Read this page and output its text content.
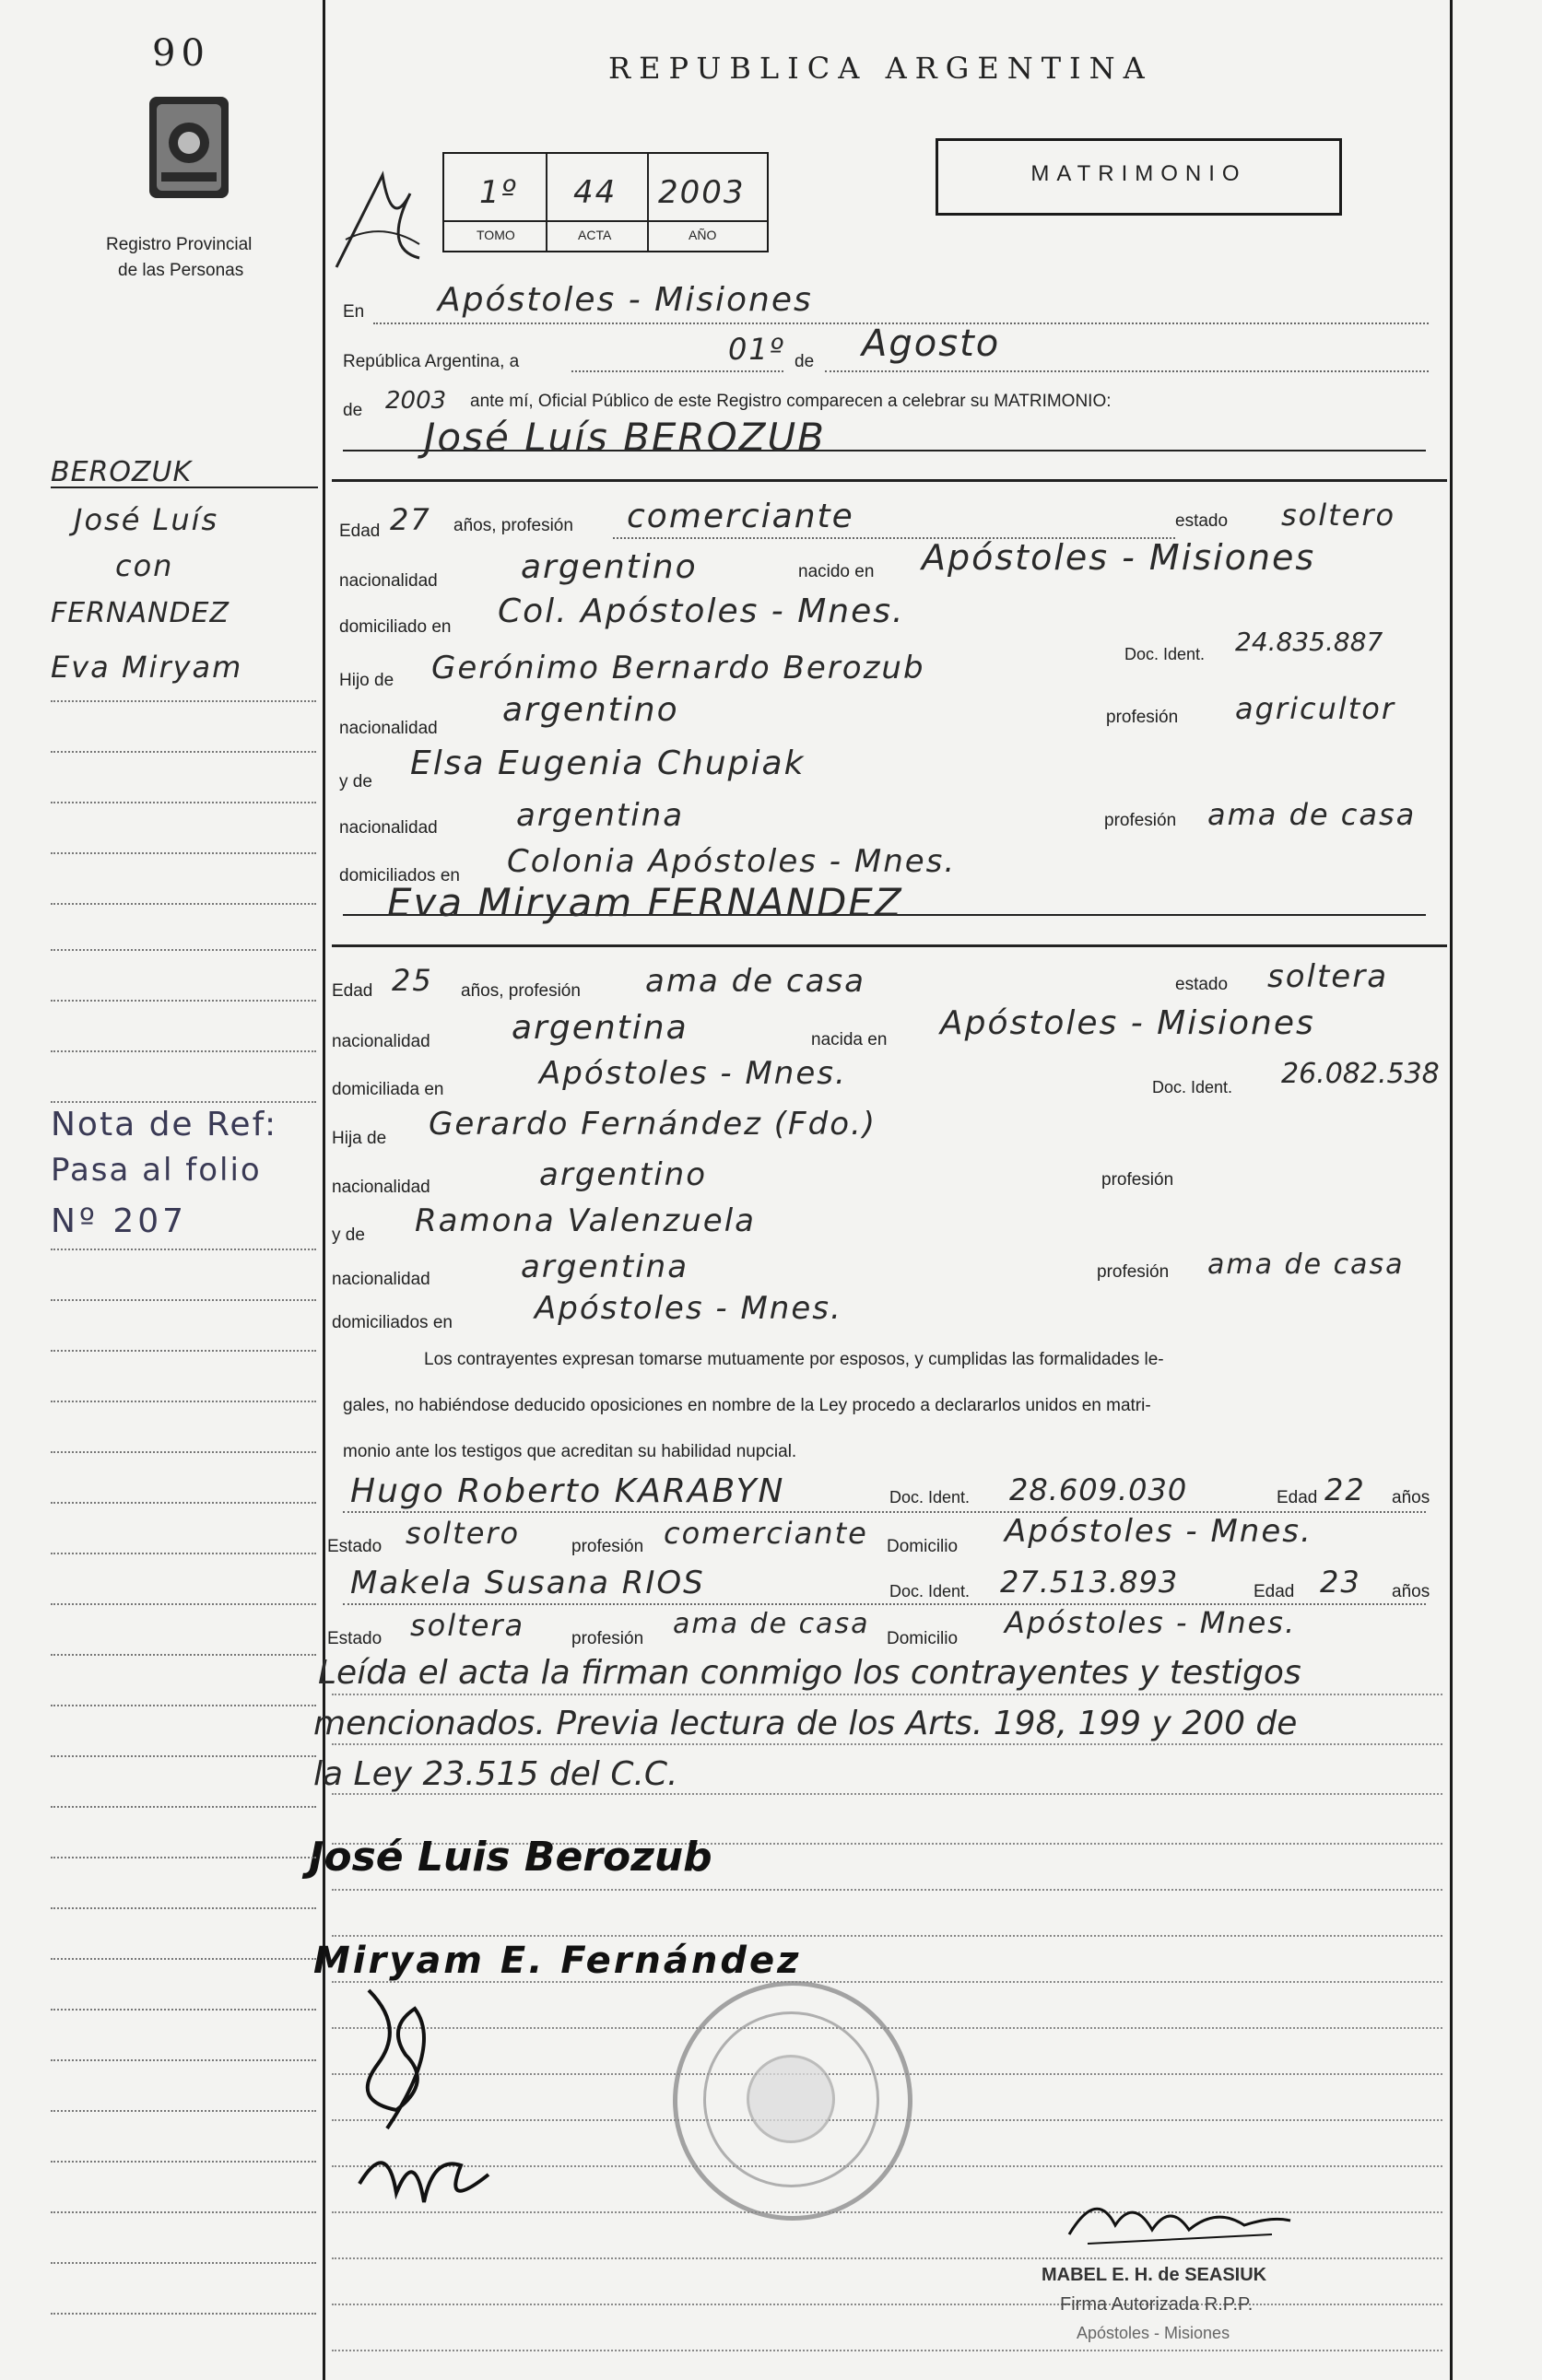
90
Registro Provincial
de las Personas
REPUBLICA ARGENTINA
1º 44 2003
TOMO	ACTA	AÑO
MATRIMONIO
En Apóstoles - Misiones
República Argentina, a	01º de Agosto
de 2003 ante mí, Oficial Público de este Registro comparecen a celebrar su MATRIMONIO:
José Luís BEROZUB
Edad 27 años, profesión comerciante	estado soltero
nacionalidad	argentino	nacido en Apóstoles - Misiones
domiciliado en Col. Apóstoles - Mnes.
Doc. Ident. 24.835.887
Hijo de Gerónimo Bernardo Berozub
nacionalidad argentino	profesión agricultor
y de Elsa Eugenia Chupiak
nacionalidad	argentina	profesión ama de casa
domiciliados en Colonia Apóstoles - Mnes.
Eva Miryam FERNANDEZ
Edad 25 años, profesión ama de casa	estado soltera
nacionalidad argentina	nacida en Apóstoles - Misiones
domiciliada en	Apóstoles - Mnes.	Doc. Ident. 26.082.538
Hija de Gerardo Fernández (Fdo.)
nacionalidad	argentino	profesión
y de Ramona Valenzuela
nacionalidad	argentina	profesión ama de casa
domiciliados en	Apóstoles - Mnes.
Los contrayentes expresan tomarse mutuamente por esposos, y cumplidas las formalidades le-
gales, no habiéndose deducido oposiciones en nombre de la Ley procedo a declararlos unidos en matri-
monio ante los testigos que acreditan su habilidad nupcial.
Hugo Roberto KARABYN	Doc. Ident. 28.609.030	Edad 22 años
Estado soltero	profesión comerciante Domicilio Apóstoles - Mnes.
Makela Susana RIOS	Doc. Ident. 27.513.893	Edad 23 años
Estado soltera	profesión ama de casa Domicilio Apóstoles - Mnes.
Leída el acta la firman conmigo los contrayentes y testigos
mencionados. Previa lectura de los Arts. 198, 199 y 200 de
la Ley 23.515 del C.C.
José Luis Berozub
Miryam E. Fernández
MABEL E. H. de SEASIUK
Firma Autorizada R.P.P.
Apóstoles - Misiones
BEROZUK
José Luís
con
FERNANDEZ
Eva Miryam
Nota de Ref:
Pasa al folio
Nº 207
